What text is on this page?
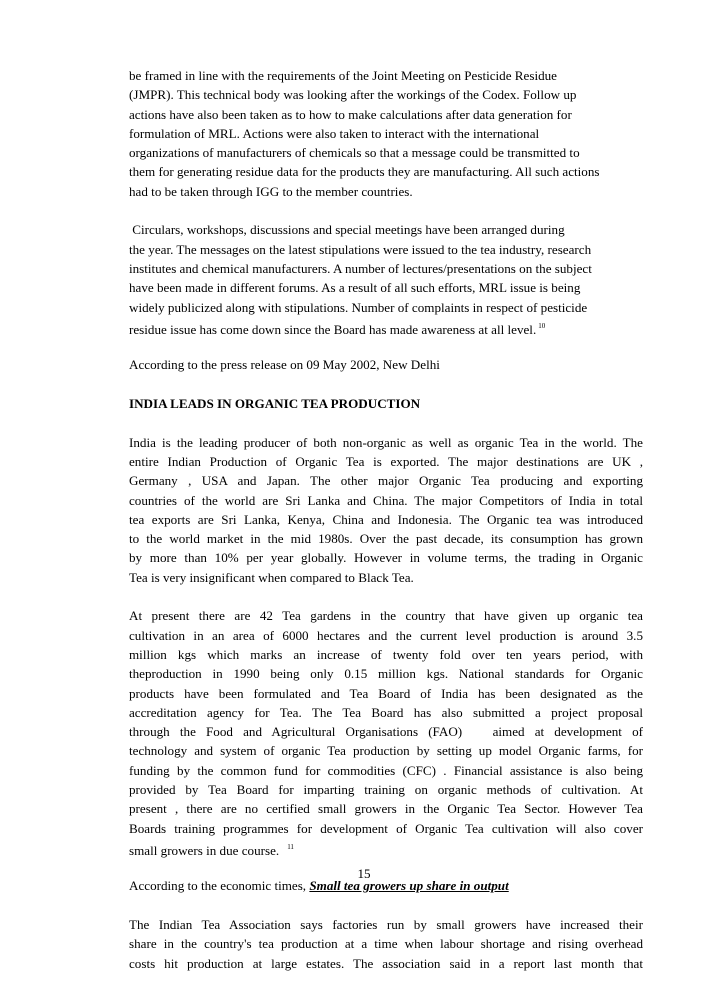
be framed in line with the requirements of the Joint Meeting on Pesticide Residue
(JMPR). This technical body was looking after the workings of the Codex. Follow up
actions have also been taken as to how to make calculations after data generation for
formulation of MRL. Actions were also taken to interact with the international
organizations of manufacturers of chemicals so that a message could be transmitted to
them for generating residue data for the products they are manufacturing. All such actions
had to be taken through IGG to the member countries.
Circulars, workshops, discussions and special meetings have been arranged during
the year. The messages on the latest stipulations were issued to the tea industry, research
institutes and chemical manufacturers. A number of lectures/presentations on the subject
have been made in different forums. As a result of all such efforts, MRL issue is being
widely publicized along with stipulations. Number of complaints in respect of pesticide
residue issue has come down since the Board has made awareness at all level. $^{10}$
According to the press release on 09 May 2002, New Delhi
INDIA LEADS IN ORGANIC TEA PRODUCTION
India is the leading producer of both non-organic as well as organic Tea in the world. The
entire Indian Production of Organic Tea is exported. The major destinations are UK ,
Germany , USA and Japan. The other major Organic Tea producing and exporting
countries of the world are Sri Lanka and China. The major Competitors of India in total
tea exports are Sri Lanka, Kenya, China and Indonesia. The Organic tea was introduced
to the world market in the mid 1980s. Over the past decade, its consumption has grown
by more than 10% per year globally. However in volume terms, the trading in Organic
Tea is very insignificant when compared to Black Tea.
At present there are 42 Tea gardens in the country that have given up organic tea
cultivation in an area of 6000 hectares and the current level production is around 3.5
million kgs which marks an increase of twenty fold over ten years period, with
theproduction in 1990 being only 0.15 million kgs. National standards for Organic
products have been formulated and Tea Board of India has been designated as the
accreditation agency for Tea. The Tea Board has also submitted a project proposal
through the Food and Agricultural Organisations (FAO)   aimed at development of
technology and system of organic Tea production by setting up model Organic farms, for
funding by the common fund for commodities (CFC) . Financial assistance is also being
provided by Tea Board for imparting training on organic methods of cultivation. At
present , there are no certified small growers in the Organic Tea Sector. However Tea
Boards training programmes for development of Organic Tea cultivation will also cover
small growers in due course. $^{11}$
According to the economic times, Small tea growers up share in output
The Indian Tea Association says factories run by small growers have increased their
share in the country's tea production at a time when labour shortage and rising overhead
costs hit production at large estates. The association said in a report last month that
15
